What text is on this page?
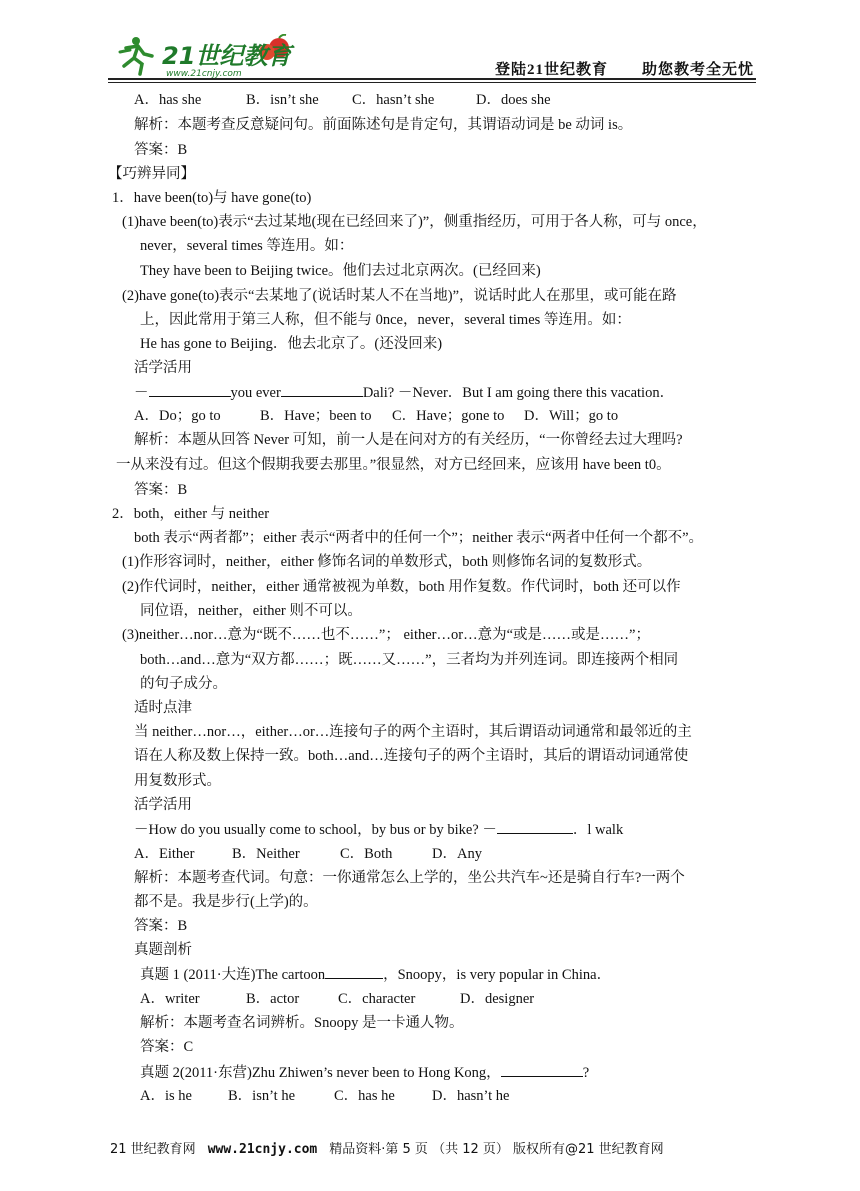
21世纪教育
www.21cnjy.com	登陆21世纪教育 助您教考全无忧
A．has she	B．isn’t she C．hasn’t she	D．does she
解析：本题考查反意疑问句。前面陈述句是肯定句，其谓语动词是 be 动词 is。
答案：B
【巧辨异同】
1．have been(to)与 have gone(to)
(1)have been(to)表示“去过某地(现在已经回来了)”，侧重指经历，可用于各人称，可与 once，
never，several times 等连用。如：
They have been to Beijing twice。他们去过北京两次。(已经回来)
(2)have gone(to)表示“去某地了(说话时某人不在当地)”，说话时此人在那里，或可能在路
上，因此常用于第三人称，但不能与 0nce，never，several times 等连用。如：
He has gone to Beijing．他去北京了。(还没回来)
活学活用
－	you ever	Dali? －Never．But I am going there this vacation．
A．Do；go to	B．Have；been to C．Have；gone to D．Will；go to
解析：本题从回答 Never 可知，前一人是在问对方的有关经历，“一你曾经去过大理吗?
一从来没有过。但这个假期我要去那里。”很显然，对方已经回来，应该用 have been t0。
答案：B
2．both，either 与 neither
both 表示“两者都”；either 表示“两者中的任何一个”；neither 表示“两者中任何一个都不”。
(1)作形容词时，neither，either 修饰名词的单数形式，both 则修饰名词的复数形式。
(2)作代词时，neither，either 通常被视为单数，both 用作复数。作代词时，both 还可以作
同位语，neither，either 则不可以。
(3)neither…nor…意为“既不……也不……”； either…or…意为“或是……或是……”；
both…and…意为“双方都……；既……又……”，三者均为并列连词。即连接两个相同
的句子成分。
适时点津
当 neither…nor…，either…or…连接句子的两个主语时，其后谓语动词通常和最邻近的主
语在人称及数上保持一致。both…and…连接句子的两个主语时，其后的谓语动词通常使
用复数形式。
活学活用
－How do you usually come to school，by bus or by bike? －	．l walk
A．Either	B．Neither	C．Both	D．Any
解析：本题考查代词。句意：一你通常怎么上学的，坐公共汽车~还是骑自行车?一两个
都不是。我是步行(上学)的。
答案：B
真题剖析
真题 1 (2011·大连)The cartoon	，Snoopy，is very popular in China．
A．writer	B．actor	C．character	D．designer
解析：本题考查名词辨析。Snoopy 是一卡通人物。
答案：C
真题 2(2011·东营)Zhu Zhiwen’s never been to Hong Kong，	?
A．is he B．isn’t he	C．has he	D．hasn’t he
21 世纪教育网 www.21cnjy.com 精品资料·第 5 页 （共 12 页） 版权所有@21 世纪教育网
